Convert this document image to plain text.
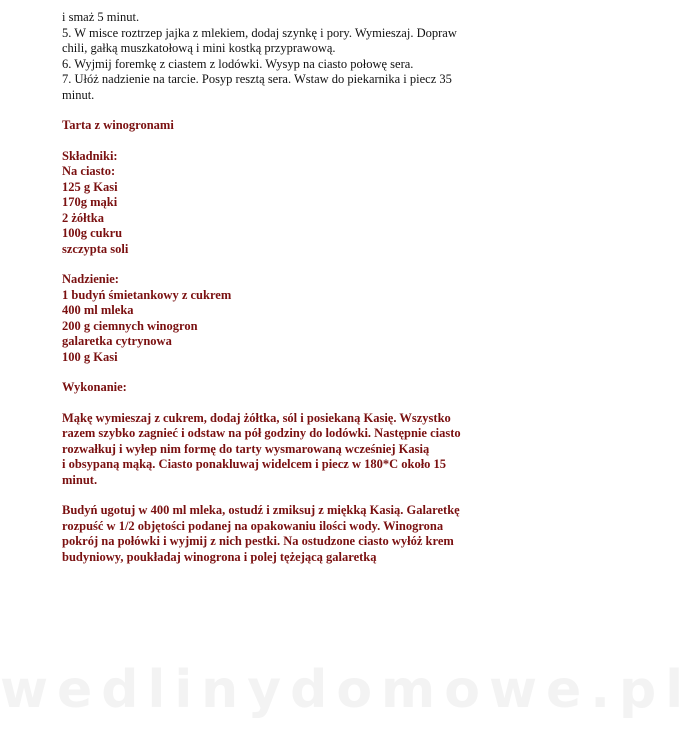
i smaż 5 minut.

5. W misce roztrzep jajka z mlekiem, dodaj szynkę i pory. Wymieszaj. Dopraw

chili, gałką muszkatołową i mini kostką przyprawową.

6. Wyjmij foremkę z ciastem z lodówki. Wysyp na ciasto połowę sera.

7. Ułóż nadzienie na tarcie. Posyp resztą sera. Wstaw do piekarnika i piecz 35

minut.

Tarta z winogronami

Składniki:

Na ciasto:

125 g Kasi

170g mąki

2 żółtka

100g cukru

szczypta soli

Nadzienie:

1 budyń śmietankowy z cukrem

400 ml mleka

200 g ciemnych winogron

galaretka cytrynowa

100 g Kasi

Wykonanie:

Mąkę wymieszaj z cukrem, dodaj żółtka, sól i posiekaną Kasię. Wszystko

razem szybko zagnieć i odstaw na pół godziny do lodówki. Następnie ciasto

rozwałkuj i wyłep nim formę do tarty wysmarowaną wcześniej Kasią

i obsypaną mąką. Ciasto ponakluwaj widelcem i piecz w 180*C około 15

minut.

Budyń ugotuj w 400 ml mleka, ostudź i zmiksuj z miękką Kasią. Galaretkę

rozpuść w 1/2 objętości podanej na opakowaniu ilości wody. Winogrona

pokrój na połówki i wyjmij z nich pestki. Na ostudzone ciasto wyłóż krem

budyniowy, poukładaj winogrona i polej tężejącą galaretką

wedlinydomowe.pl
